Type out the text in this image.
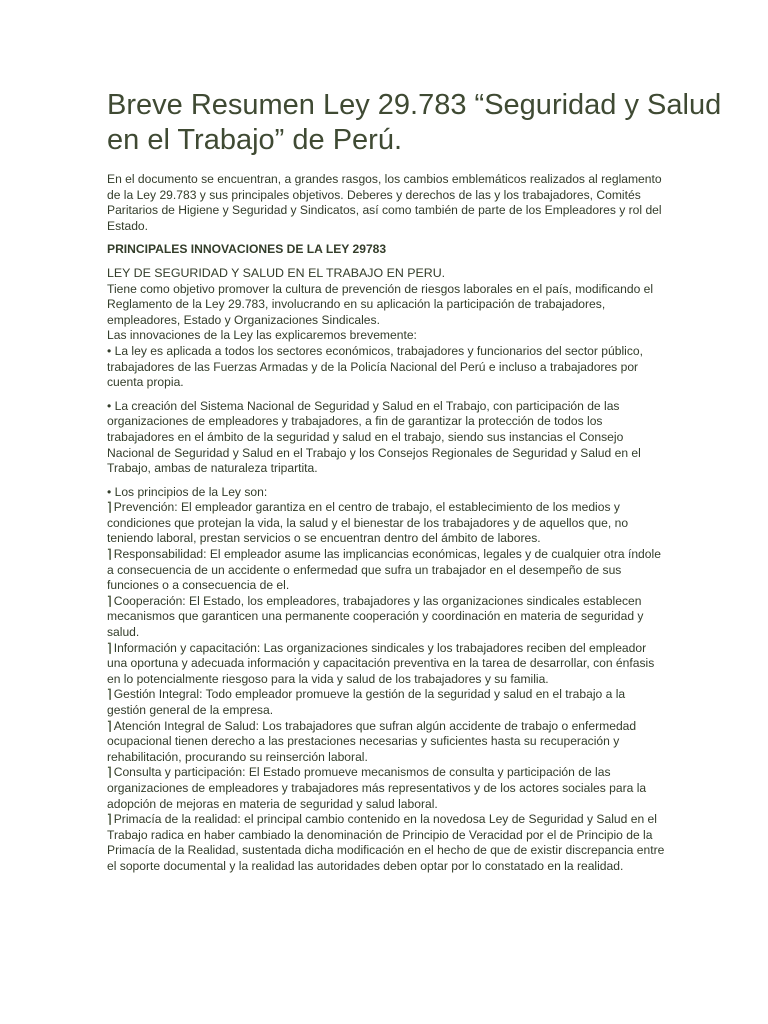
Breve Resumen Ley 29.783 “Seguridad y Salud en el Trabajo” de Perú.

En el documento se encuentran, a grandes rasgos, los cambios emblemáticos realizados al reglamento de la Ley 29.783 y sus principales objetivos. Deberes y derechos de las y los trabajadores, Comités Paritarios de Higiene y Seguridad y Sindicatos, así como también de parte de los Empleadores y rol del Estado.

PRINCIPALES INNOVACIONES DE LA LEY 29783

LEY DE SEGURIDAD Y SALUD EN EL TRABAJO EN PERU.

Tiene como objetivo promover la cultura de prevención de riesgos laborales en el país, modificando el Reglamento de la Ley 29.783, involucrando en su aplicación la participación de trabajadores, empleadores, Estado y Organizaciones Sindicales.

Las innovaciones de la Ley las explicaremos brevemente:

• La ley es aplicada a todos los sectores económicos, trabajadores y funcionarios del sector público, trabajadores de las Fuerzas Armadas y de la Policía Nacional del Perú e incluso a trabajadores por cuenta propia.

• La creación del Sistema Nacional de Seguridad y Salud en el Trabajo, con participación de las organizaciones de empleadores y trabajadores, a fin de garantizar la protección de todos los trabajadores en el ámbito de la seguridad y salud en el trabajo, siendo sus instancias el Consejo Nacional de Seguridad y Salud en el Trabajo y los Consejos Regionales de Seguridad y Salud en el Trabajo, ambas de naturaleza tripartita.

• Los principios de la Ley son:

⌉ Prevención: El empleador garantiza en el centro de trabajo, el establecimiento de los medios y condiciones que protejan la vida, la salud y el bienestar de los trabajadores y de aquellos que, no teniendo laboral, prestan servicios o se encuentran dentro del ámbito de labores.

⌉ Responsabilidad: El empleador asume las implicancias económicas, legales y de cualquier otra índole a consecuencia de un accidente o enfermedad que sufra un trabajador en el desempeño de sus funciones o a consecuencia de el.

⌉ Cooperación: El Estado, los empleadores, trabajadores y las organizaciones sindicales establecen mecanismos que garanticen una permanente cooperación y coordinación en materia de seguridad y salud.

⌉ Información y capacitación: Las organizaciones sindicales y los trabajadores reciben del empleador una oportuna y adecuada información y capacitación preventiva en la tarea de desarrollar, con énfasis en lo potencialmente riesgoso para la vida y salud de los trabajadores y su familia.

⌉ Gestión Integral: Todo empleador promueve la gestión de la seguridad y salud en el trabajo a la gestión general de la empresa.

⌉ Atención Integral de Salud: Los trabajadores que sufran algún accidente de trabajo o enfermedad ocupacional tienen derecho a las prestaciones necesarias y suficientes hasta su recuperación y rehabilitación, procurando su reinserción laboral.

⌉ Consulta y participación: El Estado promueve mecanismos de consulta y participación de las organizaciones de empleadores y trabajadores más representativos y de los actores sociales para la adopción de mejoras en materia de seguridad y salud laboral.

⌉ Primacía de la realidad: el principal cambio contenido en la novedosa Ley de Seguridad y Salud en el Trabajo radica en haber cambiado la denominación de Principio de Veracidad por el de Principio de la Primacía de la Realidad, sustentada dicha modificación en el hecho de que de existir discrepancia entre el soporte documental y la realidad las autoridades deben optar por lo constatado en la realidad.
